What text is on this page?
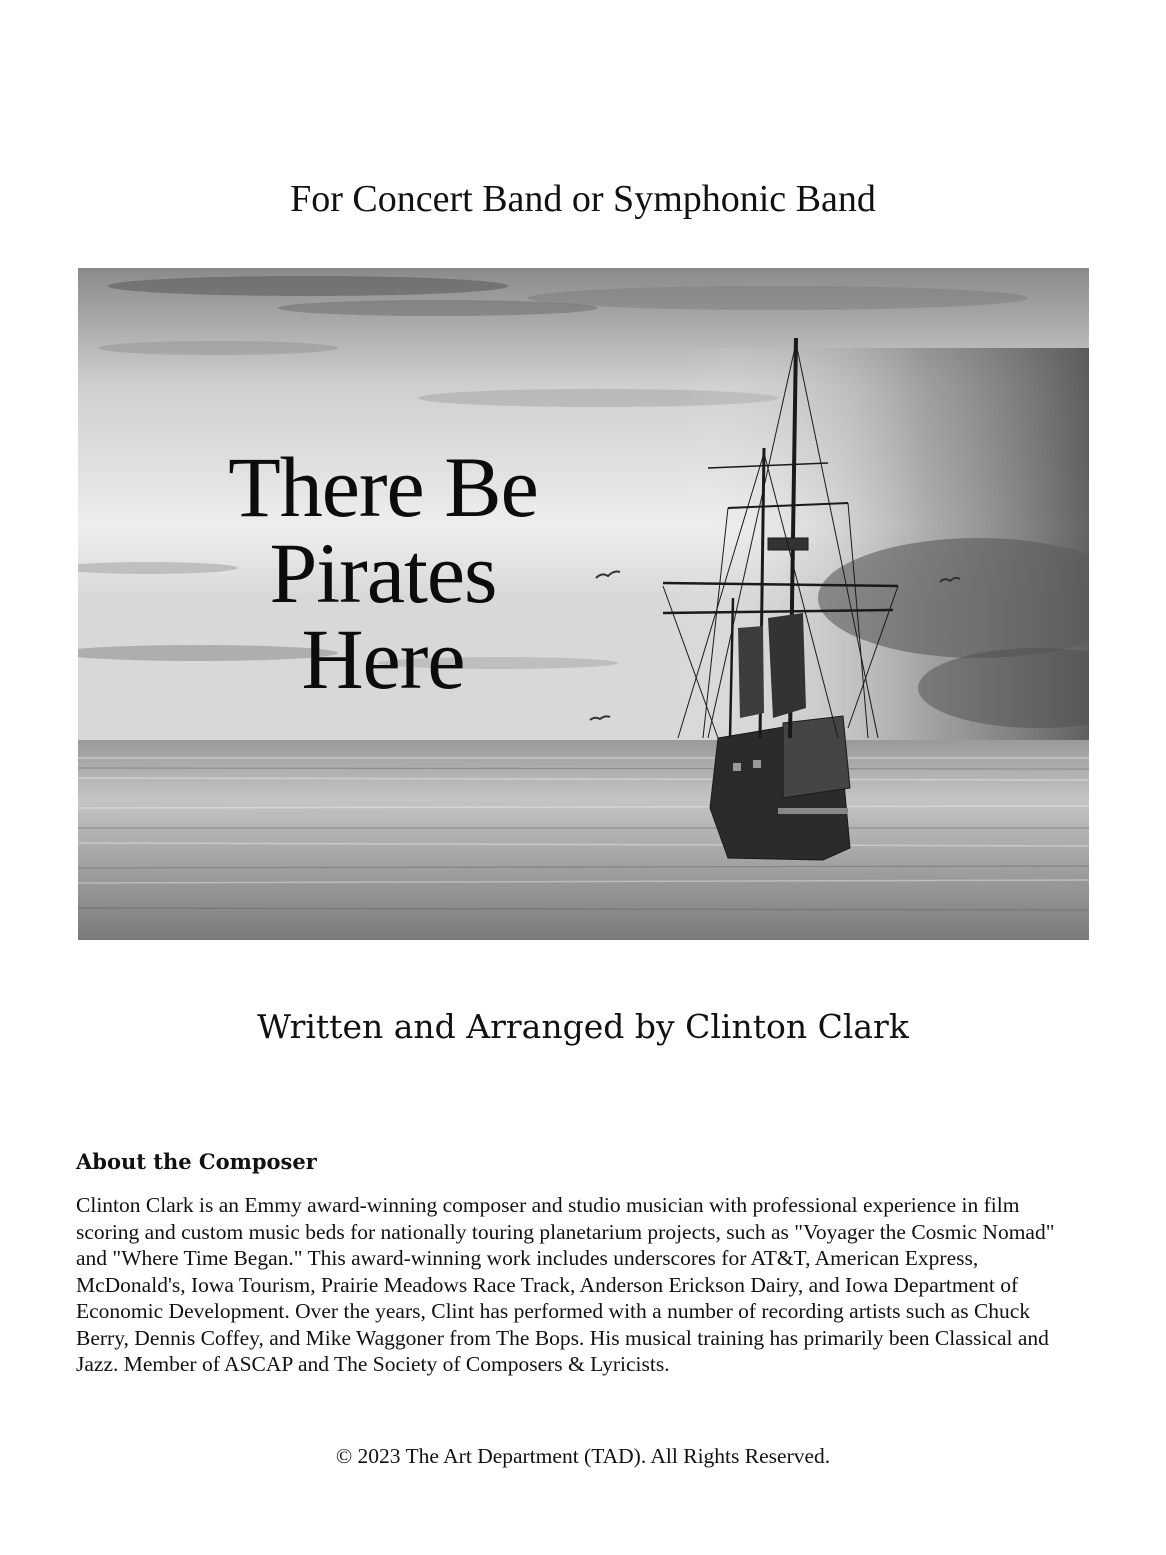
For Concert Band or Symphonic Band
There Be
Pirates
Here
Written and Arranged by Clinton Clark
About the Composer
Clinton Clark is an Emmy award-winning composer and studio musician with professional experience in film scoring and custom music beds for nationally touring planetarium projects, such as "Voyager the Cosmic Nomad" and "Where Time Began." This award-winning work includes underscores for AT&T, American Express, McDonald's, Iowa Tourism, Prairie Meadows Race Track, Anderson Erickson Dairy, and Iowa Department of Economic Development. Over the years, Clint has performed with a number of recording artists such as Chuck Berry, Dennis Coffey, and Mike Waggoner from The Bops. His musical training has primarily been Classical and Jazz. Member of ASCAP and The Society of Composers & Lyricists.
© 2023 The Art Department (TAD). All Rights Reserved.
